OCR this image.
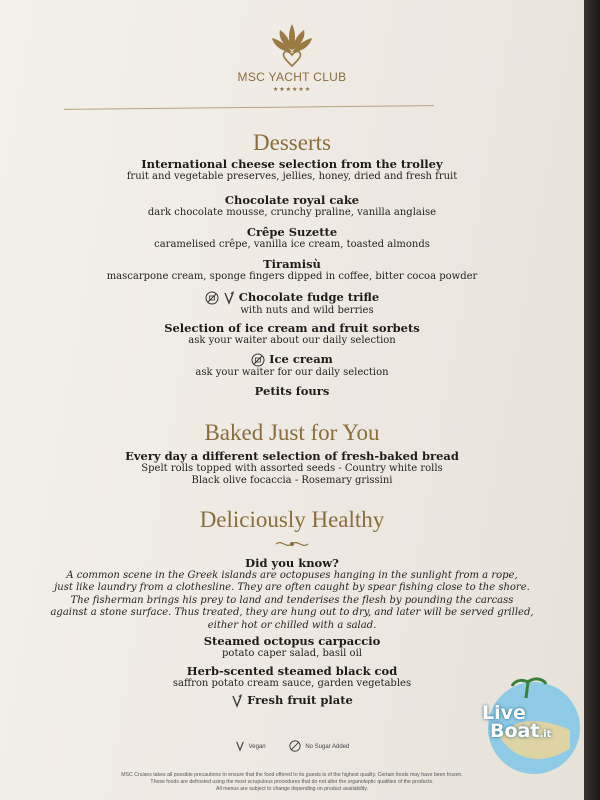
MSC YACHT CLUB
★★★★★★
Desserts
International cheese selection from the trolley
fruit and vegetable preserves, jellies, honey, dried and fresh fruit
Chocolate royal cake
dark chocolate mousse, crunchy praline, vanilla anglaise
Crêpe Suzette
caramelised crêpe, vanilla ice cream, toasted almonds
Tiramisù
mascarpone cream, sponge fingers dipped in coffee, bitter cocoa powder
Chocolate fudge trifle
with nuts and wild berries
Selection of ice cream and fruit sorbets
ask your waiter about our daily selection
Ice cream
ask your waiter for our daily selection
Petits fours
Baked Just for You
Every day a different selection of fresh-baked bread
Spelt rolls topped with assorted seeds - Country white rolls
Black olive focaccia - Rosemary grissini
Deliciously Healthy
Did you know?
A common scene in the Greek islands are octopuses hanging in the sunlight from a rope,
just like laundry from a clothesline. They are often caught by spear fishing close to the shore.
The fisherman brings his prey to land and tenderises the flesh by pounding the carcass
against a stone surface. Thus treated, they are hung out to dry, and later will be served grilled,
either hot or chilled with a salad.
Steamed octopus carpaccio
potato caper salad, basil oil
Herb-scented steamed black cod
saffron potato cream sauce, garden vegetables
Fresh fruit plate
Vegan	No Sugar Added
MSC Cruises takes all possible precautions to ensure that the food offered to its guests is of the highest quality. Certain foods may have been frozen.
These foods are defrosted using the most scrupulous procedures that do not alter the organoleptic qualities of the products.
All menus are subject to change depending on product availability.
Live
Boat.it
